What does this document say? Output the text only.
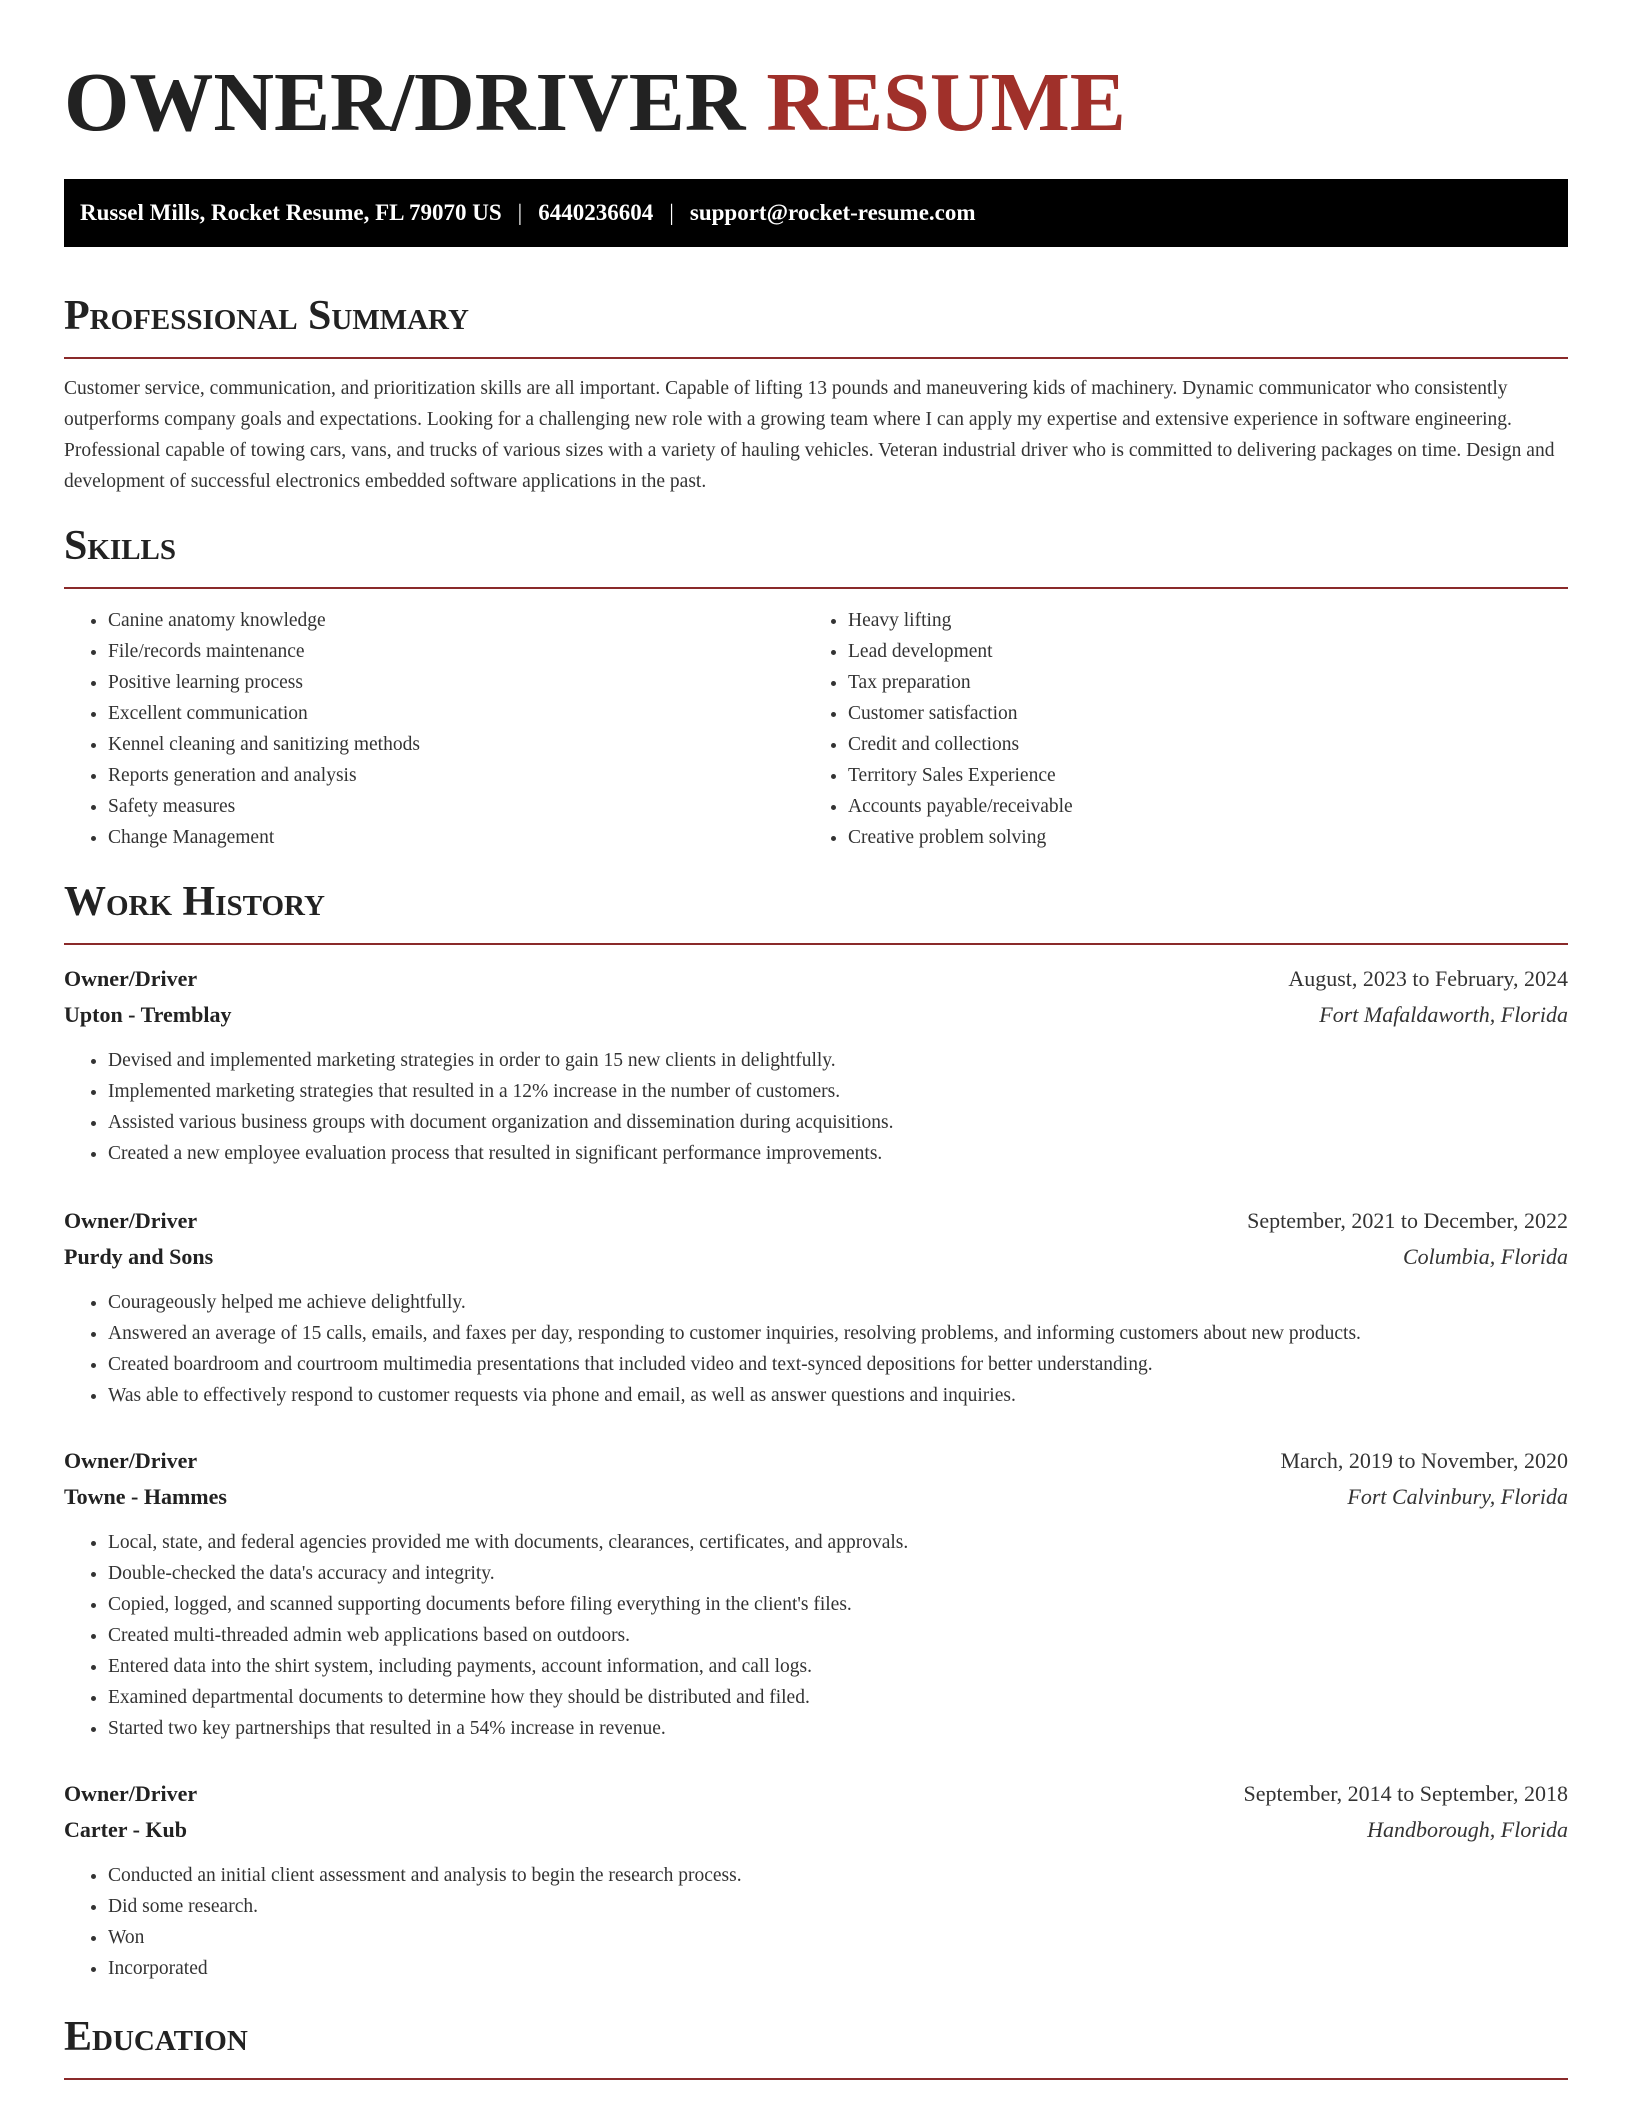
OWNER/DRIVER RESUME
Russel Mills, Rocket Resume, FL 79070 US | 6440236604 | support@rocket-resume.com
Professional Summary

Customer service, communication, and prioritization skills are all important. Capable of lifting 13 pounds and maneuvering kids of machinery. Dynamic communicator who consistently outperforms company goals and expectations. Looking for a challenging new role with a growing team where I can apply my expertise and extensive experience in software engineering. Professional capable of towing cars, vans, and trucks of various sizes with a variety of hauling vehicles. Veteran industrial driver who is committed to delivering packages on time. Design and development of successful electronics embedded software applications in the past.

Skills
• Canine anatomy knowledge
• File/records maintenance
• Positive learning process
• Excellent communication
• Kennel cleaning and sanitizing methods
• Reports generation and analysis
• Safety measures
• Change Management
• Heavy lifting
• Lead development
• Tax preparation
• Customer satisfaction
• Credit and collections
• Territory Sales Experience
• Accounts payable/receivable
• Creative problem solving
Work History
Owner/Driver	August, 2023 to February, 2024
Upton - Tremblay	Fort Mafaldaworth, Florida
• Devised and implemented marketing strategies in order to gain 15 new clients in delightfully.
• Implemented marketing strategies that resulted in a 12% increase in the number of customers.
• Assisted various business groups with document organization and dissemination during acquisitions.
• Created a new employee evaluation process that resulted in significant performance improvements.
Owner/Driver	September, 2021 to December, 2022
Purdy and Sons	Columbia, Florida
• Courageously helped me achieve delightfully.
• Answered an average of 15 calls, emails, and faxes per day, responding to customer inquiries, resolving problems, and informing customers about new products.
• Created boardroom and courtroom multimedia presentations that included video and text-synced depositions for better understanding.
• Was able to effectively respond to customer requests via phone and email, as well as answer questions and inquiries.
Owner/Driver	March, 2019 to November, 2020
Towne - Hammes	Fort Calvinbury, Florida
• Local, state, and federal agencies provided me with documents, clearances, certificates, and approvals.
• Double-checked the data's accuracy and integrity.
• Copied, logged, and scanned supporting documents before filing everything in the client's files.
• Created multi-threaded admin web applications based on outdoors.
• Entered data into the shirt system, including payments, account information, and call logs.
• Examined departmental documents to determine how they should be distributed and filed.
• Started two key partnerships that resulted in a 54% increase in revenue.
Owner/Driver	September, 2014 to September, 2018
Carter - Kub	Handborough, Florida
• Conducted an initial client assessment and analysis to begin the research process.
• Did some research.
• Won
• Incorporated
Education
